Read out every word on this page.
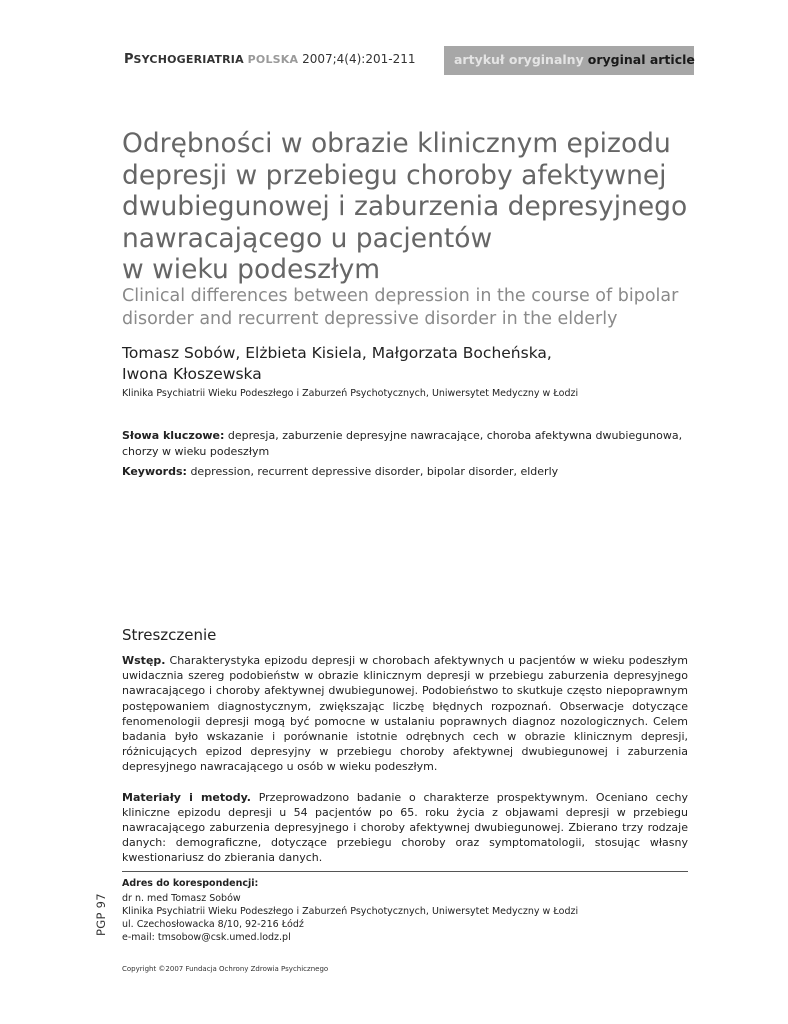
PSYCHOGERIATRIA POLSKA 2007;4(4):201-211	artykuł oryginalny oryginal article
Odrębności w obrazie klinicznym epizodu
depresji w przebiegu choroby afektywnej
dwubiegunowej i zaburzenia depresyjnego
nawracającego u pacjentów
w wieku podeszłym
Clinical differences between depression in the course of bipolar
disorder and recurrent depressive disorder in the elderly
Tomasz Sobów, Elżbieta Kisiela, Małgorzata Bocheńska,
Iwona Kłoszewska
Klinika Psychiatrii Wieku Podeszłego i Zaburzeń Psychotycznych, Uniwersytet Medyczny w Łodzi

Słowa kluczowe: depresja, zaburzenie depresyjne nawracające, choroba afektywna dwubiegunowa, chorzy w wieku podeszłym

Keywords: depression, recurrent depressive disorder, bipolar disorder, elderly

Streszczenie

Wstęp. Charakterystyka epizodu depresji w chorobach afektywnych u pacjentów w wieku podeszłym uwidacznia szereg podobieństw w obrazie klinicznym depresji w przebiegu zaburzenia depresyjnego nawracającego i choroby afektywnej dwubiegunowej. Podobieństwo to skutkuje często niepoprawnym postępowaniem diagnostycznym, zwiększając liczbę błędnych rozpoznań. Obserwacje dotyczące fenomenologii depresji mogą być pomocne w ustalaniu poprawnych diagnoz nozologicznych. Celem badania było wskazanie i porównanie istotnie odrębnych cech w obrazie klinicznym depresji, różnicujących epizod depresyjny w przebiegu choroby afektywnej dwubiegunowej i zaburzenia depresyjnego nawracającego u osób w wieku podeszłym.

Materiały i metody. Przeprowadzono badanie o charakterze prospektywnym. Oceniano cechy kliniczne epizodu depresji u 54 pacjentów po 65. roku życia z objawami depresji w przebiegu nawracającego zaburzenia depresyjnego i choroby afektywnej dwubiegunowej. Zbierano trzy rodzaje danych: demograficzne, dotyczące przebiegu choroby oraz symptomatologii, stosując własny kwestionariusz do zbierania danych.

Adres do korespondencji:
dr n. med Tomasz Sobów
Klinika Psychiatrii Wieku Podeszłego i Zaburzeń Psychotycznych, Uniwersytet Medyczny w Łodzi
ul. Czechosłowacka 8/10, 92-216 Łódź
e-mail: tmsobow@csk.umed.lodz.pl
PGP 97
Copyright ©2007 Fundacja Ochrony Zdrowia Psychicznego
